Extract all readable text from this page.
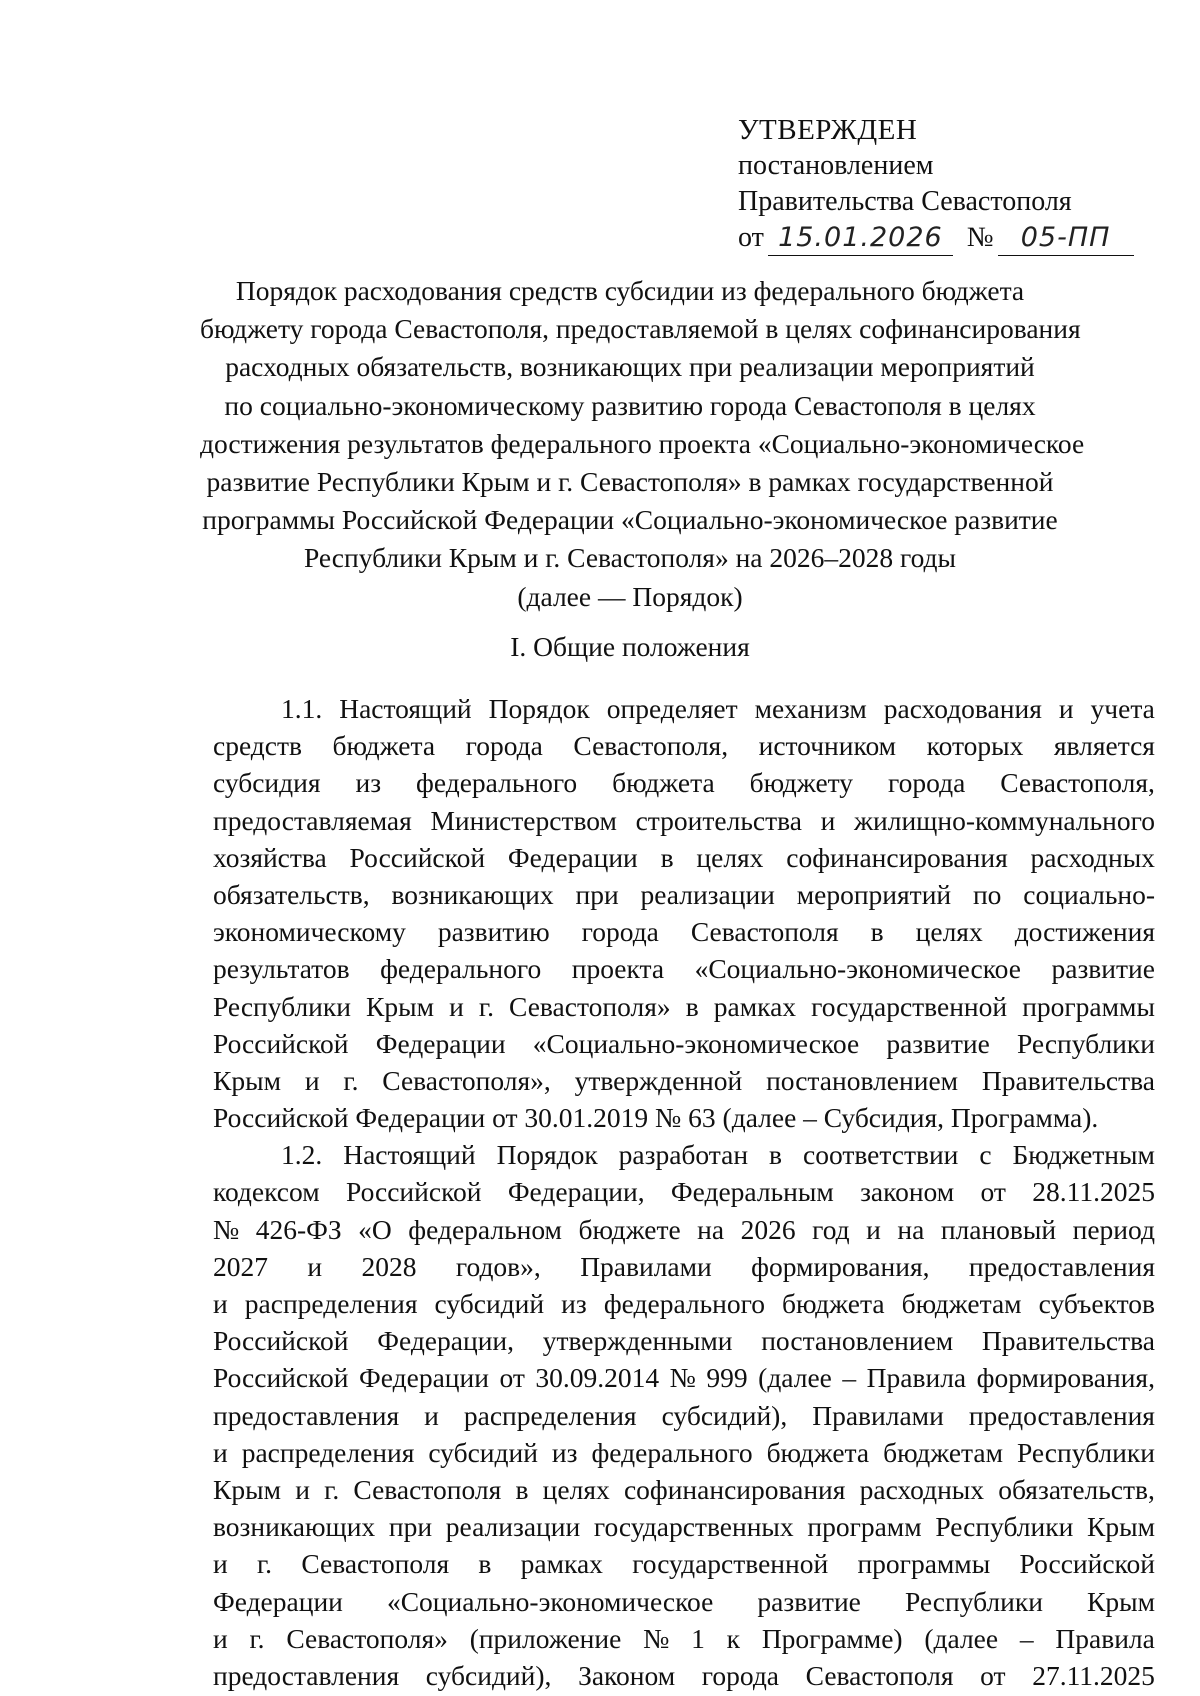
УТВЕРЖДЕН
постановлением
Правительства Севастополя
от 15.01.2026 № 05-ПП
Порядок расходования средств субсидии из федерального бюджета
бюджету города Севастополя, предоставляемой в целях софинансирования
расходных обязательств, возникающих при реализации мероприятий
по социально-экономическому развитию города Севастополя в целях
достижения результатов федерального проекта «Социально-экономическое
развитие Республики Крым и г. Севастополя» в рамках государственной
программы Российской Федерации «Социально-экономическое развитие
Республики Крым и г. Севастополя» на 2026–2028 годы
(далее — Порядок)
I. Общие положения
1.1. Настоящий Порядок определяет механизм расходования и учета
средств бюджета города Севастополя, источником которых является
субсидия из федерального бюджета бюджету города Севастополя,
предоставляемая Министерством строительства и жилищно-коммунального
хозяйства Российской Федерации в целях софинансирования расходных
обязательств, возникающих при реализации мероприятий по социально-
экономическому развитию города Севастополя в целях достижения
результатов федерального проекта «Социально-экономическое развитие
Республики Крым и г. Севастополя» в рамках государственной программы
Российской Федерации «Социально-экономическое развитие Республики
Крым и г. Севастополя», утвержденной постановлением Правительства
Российской Федерации от 30.01.2019 № 63 (далее – Субсидия, Программа).
1.2. Настоящий Порядок разработан в соответствии с Бюджетным
кодексом Российской Федерации, Федеральным законом от 28.11.2025
№ 426-ФЗ «О федеральном бюджете на 2026 год и на плановый период
2027 и 2028 годов», Правилами формирования, предоставления
и распределения субсидий из федерального бюджета бюджетам субъектов
Российской Федерации, утвержденными постановлением Правительства
Российской Федерации от 30.09.2014 № 999 (далее – Правила формирования,
предоставления и распределения субсидий), Правилами предоставления
и распределения субсидий из федерального бюджета бюджетам Республики
Крым и г. Севастополя в целях софинансирования расходных обязательств,
возникающих при реализации государственных программ Республики Крым
и г. Севастополя в рамках государственной программы Российской
Федерации «Социально-экономическое развитие Республики Крым
и г. Севастополя» (приложение № 1 к Программе) (далее – Правила
предоставления субсидий), Законом города Севастополя от 27.11.2025
